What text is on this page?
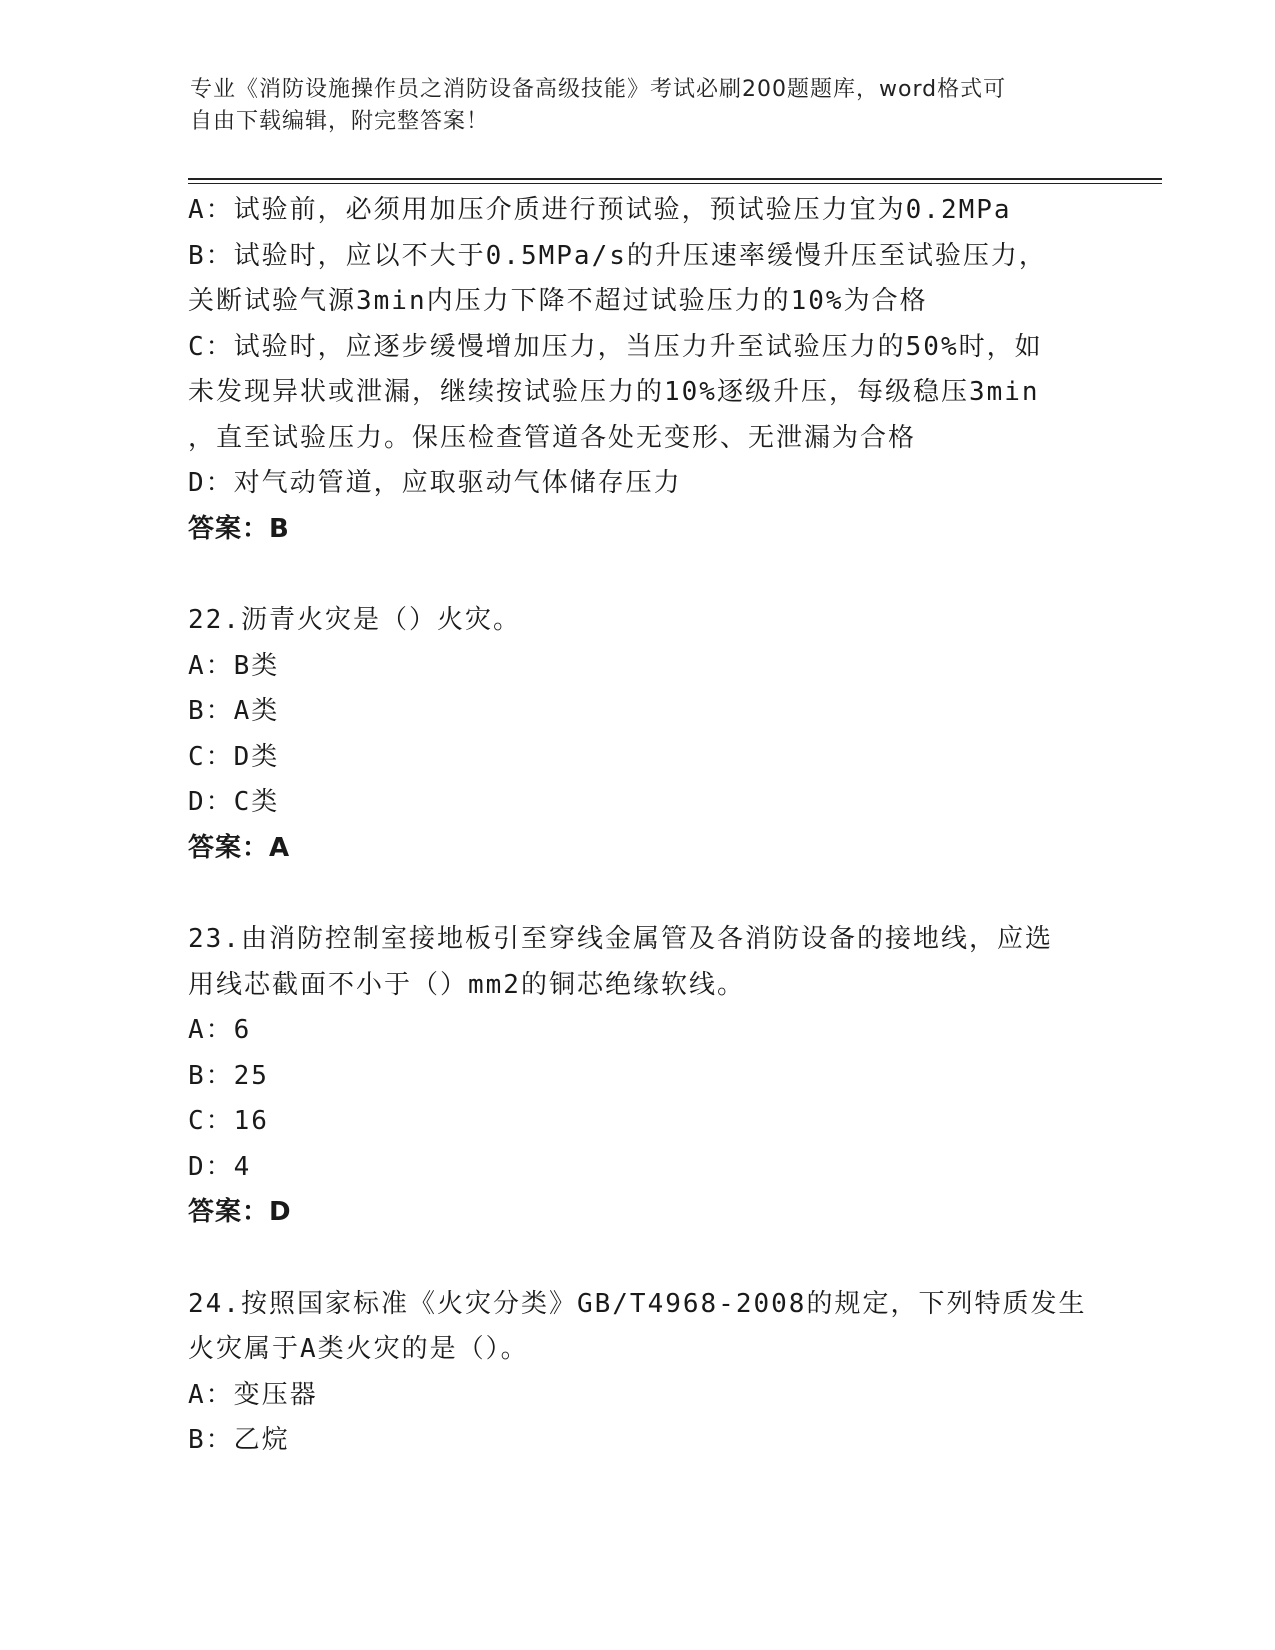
专业《消防设施操作员之消防设备高级技能》考试必刷200题题库，word格式可
自由下载编辑，附完整答案！
A：试验前，必须用加压介质进行预试验，预试验压力宜为0.2MPa
B：试验时，应以不大于0.5MPa/s的升压速率缓慢升压至试验压力，
关断试验气源3min内压力下降不超过试验压力的10%为合格
C：试验时，应逐步缓慢增加压力，当压力升至试验压力的50%时，如
未发现异状或泄漏，继续按试验压力的10%逐级升压，每级稳压3min
，直至试验压力。保压检查管道各处无变形、无泄漏为合格
D：对气动管道，应取驱动气体储存压力
答案：B
22.沥青火灾是（）火灾。
A：B类
B：A类
C：D类
D：C类
答案：A
23.由消防控制室接地板引至穿线金属管及各消防设备的接地线，应选
用线芯截面不小于（）mm2的铜芯绝缘软线。
A：6
B：25
C：16
D：4
答案：D
24.按照国家标准《火灾分类》GB/T4968-2008的规定，下列特质发生
火灾属于A类火灾的是（）。
A：变压器
B：乙烷
